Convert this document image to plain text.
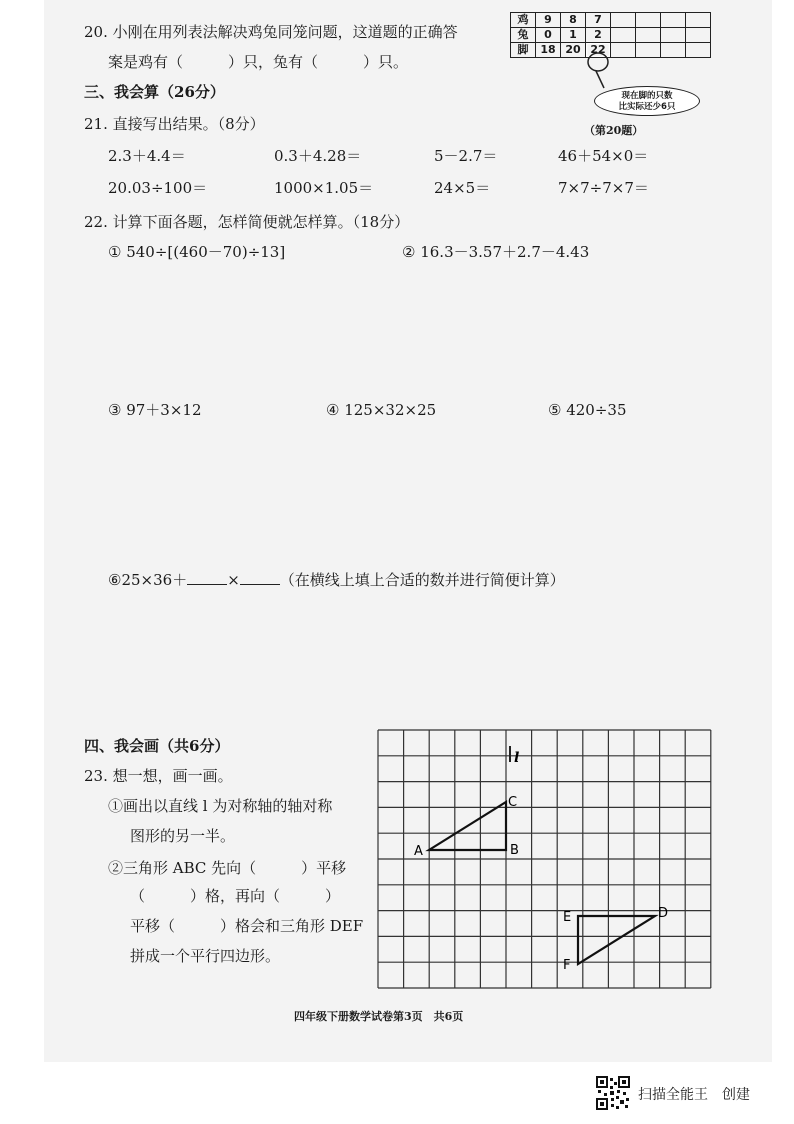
20. 小刚在用列表法解决鸡兔同笼问题，这道题的正确答
案是鸡有（　　　）只，兔有（　　　）只。
鸡	9	8	7				
兔	0	1	2				
脚	18	20	22				
现在脚的只数
比实际还少6只
（第20题）
三、我会算（26分）
21. 直接写出结果。（8分）
2.3＋4.4＝	0.3＋4.28＝	5－2.7＝	46＋54×0＝
20.03÷100＝	1000×1.05＝	24×5＝	7×7÷7×7＝
22. 计算下面各题，怎样简便就怎样算。（18分）
① 540÷[(460－70)÷13]	② 16.3－3.57＋2.7－4.43
③ 97＋3×12	④ 125×32×25	⑤ 420÷35
⑥25×36＋	×	（在横线上填上合适的数并进行简便计算）
四、我会画（共6分）
23. 想一想，画一画。
①画出以直线 l 为对称轴的轴对称
图形的另一半。
②三角形 ABC 先向（　　　）平移
（　　　）格，再向（　　　）
平移（　　　）格会和三角形 DEF
拼成一个平行四边形。
l
A	B
C
D
E
F
四年级下册数学试卷第3页　共6页
扫描全能王　创建
